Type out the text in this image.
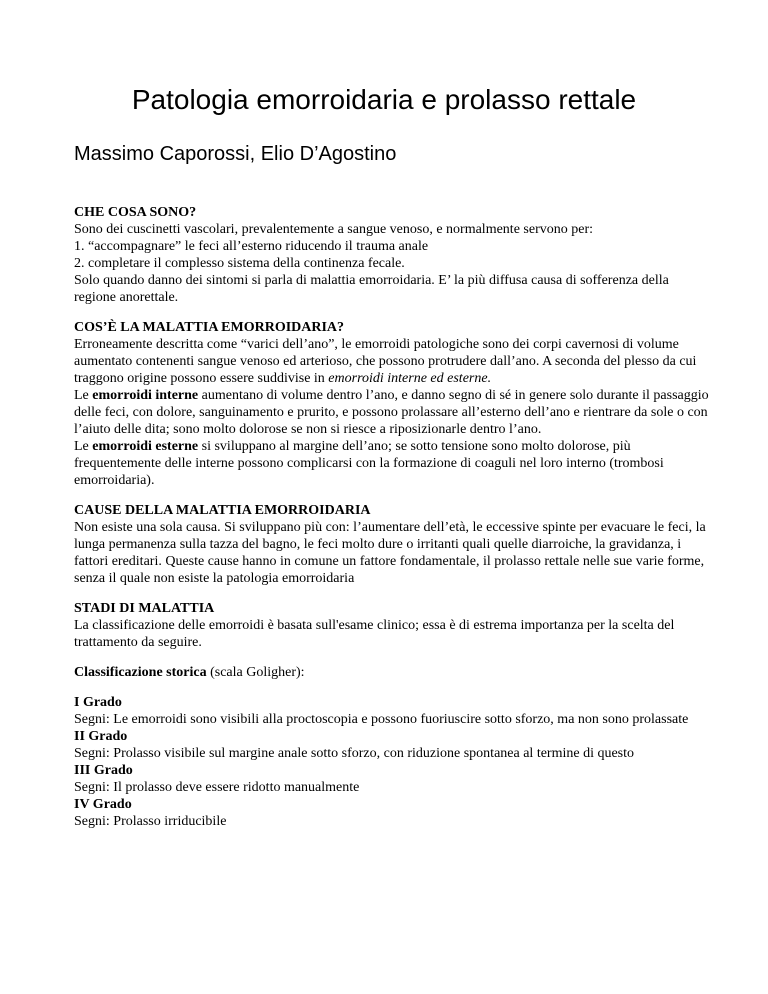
Patologia emorroidaria e prolasso rettale

Massimo Caporossi, Elio D’Agostino

CHE COSA SONO?

Sono dei cuscinetti vascolari, prevalentemente a sangue venoso, e normalmente servono per:

1. “accompagnare” le feci all’esterno riducendo il trauma anale

2. completare il complesso sistema della continenza fecale.

Solo quando danno dei sintomi si parla di malattia emorroidaria. E’ la più diffusa causa di sofferenza della regione anorettale.

COS’È LA MALATTIA EMORROIDARIA?

Erroneamente descritta come “varici dell’ano”, le emorroidi patologiche sono dei corpi cavernosi di volume aumentato contenenti sangue venoso ed arterioso, che possono protrudere dall’ano. A seconda del plesso da cui traggono origine possono essere suddivise in emorroidi interne ed esterne.

Le emorroidi interne aumentano di volume dentro l’ano, e danno segno di sé in genere solo durante il passaggio delle feci, con dolore, sanguinamento e prurito, e possono prolassare all’esterno dell’ano e rientrare da sole o con l’aiuto delle dita; sono molto dolorose se non si riesce a riposizionarle dentro l’ano.

Le emorroidi esterne si sviluppano al margine dell’ano; se sotto tensione sono molto dolorose, più frequentemente delle interne possono complicarsi con la formazione di coaguli nel loro interno (trombosi emorroidaria).

CAUSE DELLA MALATTIA EMORROIDARIA

Non esiste una sola causa. Si sviluppano più con: l’aumentare dell’età, le eccessive spinte per evacuare le feci, la lunga permanenza sulla tazza del bagno, le feci molto dure o irritanti quali quelle diarroiche, la gravidanza, i fattori ereditari. Queste cause hanno in comune un fattore fondamentale, il prolasso rettale nelle sue varie forme, senza il quale non esiste la patologia emorroidaria

STADI DI MALATTIA

La classificazione delle emorroidi è basata sull'esame clinico; essa è di estrema importanza per la scelta del trattamento da seguire.

Classificazione storica (scala Goligher):

I Grado

Segni: Le emorroidi sono visibili alla proctoscopia e possono fuoriuscire sotto sforzo, ma non sono prolassate

II Grado

Segni: Prolasso visibile sul margine anale sotto sforzo, con riduzione spontanea al termine di questo

III Grado

Segni: Il prolasso deve essere ridotto manualmente

IV Grado

Segni: Prolasso irriducibile
